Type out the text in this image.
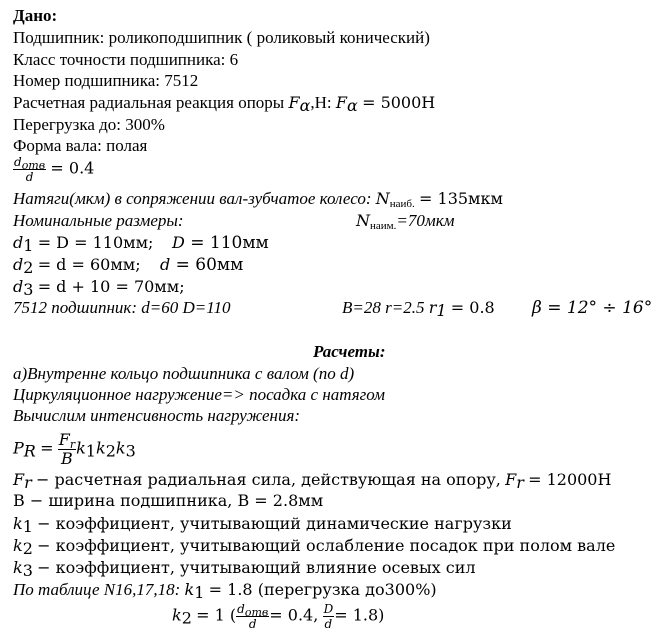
Дано:
Подшипник: роликоподшипник ( роликовый конический)
Класс точности подшипника: 6
Номер подшипника: 7512
Расчетная радиальная реакция опоры $F_\alpha,Н$: $F_\alpha = 5000Н$
Перегрузка до: 300%
Форма вала: полая
$\frac{d_{отв}}{d} = 0.4$
Натяги(мкм) в сопряжении вал-зубчатое колесо: $N_{наиб.} = 135мкм$
Номинальные размеры:	$N_{наим.}=70мкм$
$d_1 = D = 110мм$; D = 110мм
$d_2 = d = 60мм$; d = 60мм
$d_3 = d + 10 = 70мм$;
7512 подшипник: d=60 D=110	B=28 r=2.5 $r_1 = 0.8$ β = 12° ÷ 16°
Расчеты:
а)Внутренне кольцо подшипника с валом (по d)
Циркуляционное нагружение=> посадка с натягом
Вычислим интенсивность нагружения:
$P_R = \frac{F_r}{B} k_1k_2k_3$
$F_r$ − расчетная радиальная сила, действующая на опору, $F_r = 12000Н$
B − ширина подшипника, B = 2.8мм
$k_1$ − коэффициент, учитывающий динамические нагрузки
$k_2$ − коэффициент, учитывающий ослабление посадок при полом вале
$k_3$ − коэффициент, учитывающий влияние осевых сил
По таблице N16,17,18: $k_1 = 1.8$ (перегрузка до300%)
$k_2 = 1$ ( $\frac{d_{отв}}{d} = 0.4$, $\frac{D}{d} = 1.8$)
